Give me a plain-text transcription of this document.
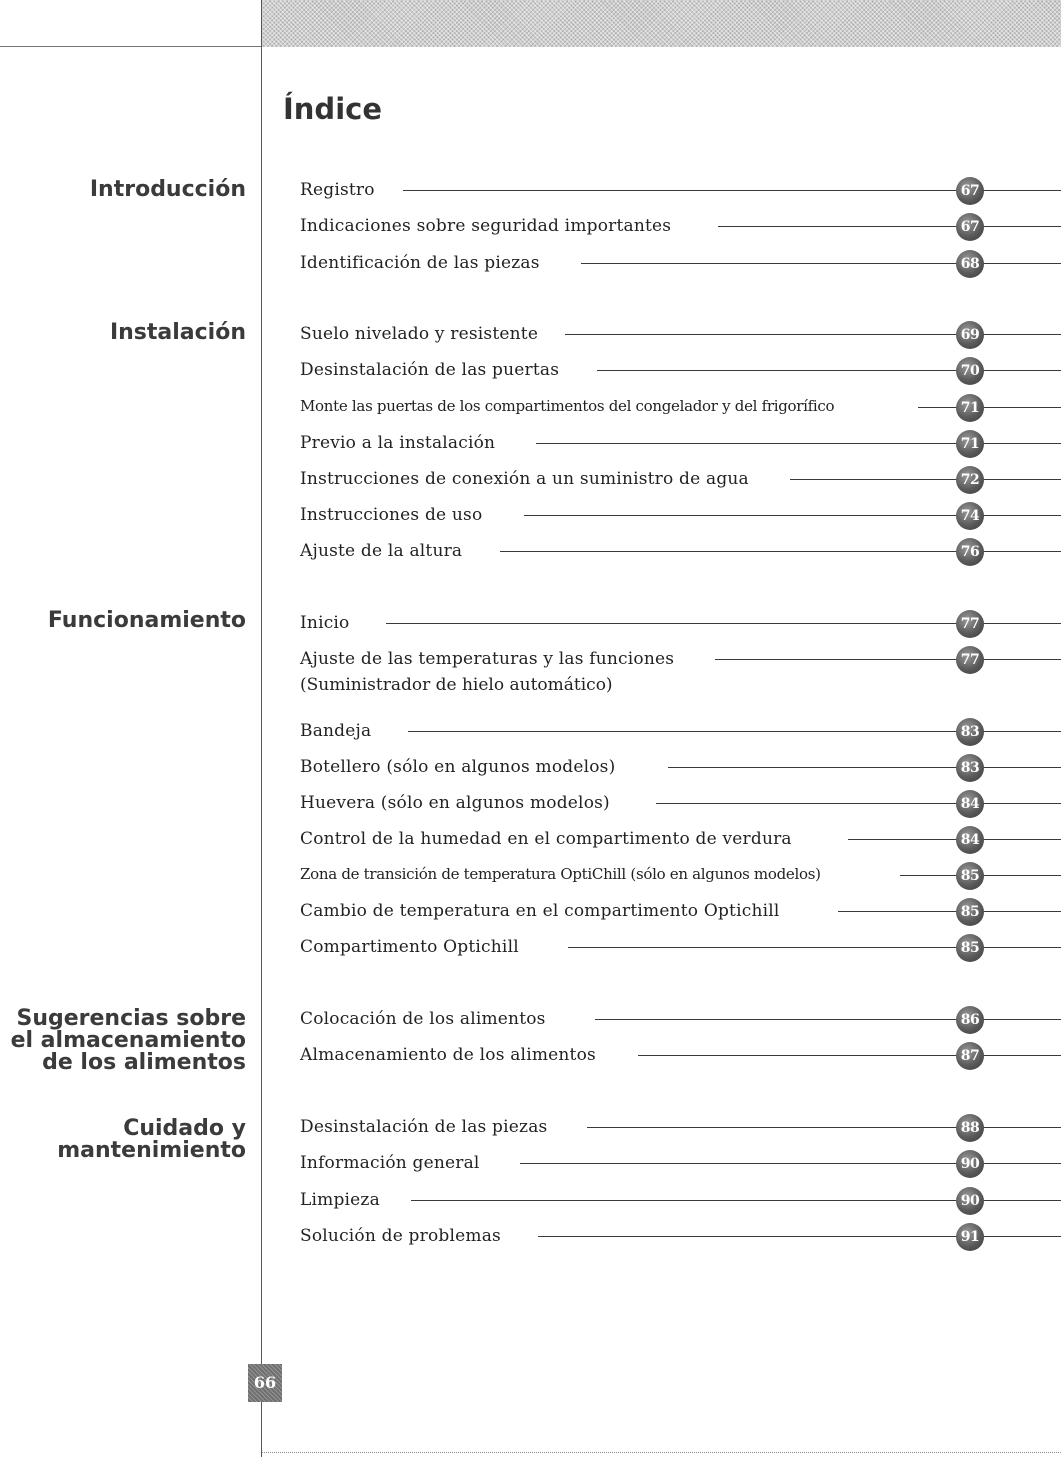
Índice
Introducción
Instalación
Funcionamiento
Sugerencias sobre
el almacenamiento
de los alimentos
Cuidado y
mantenimiento
Registro	67
Indicaciones sobre seguridad importantes	67
Identificación de las piezas	68
Suelo nivelado y resistente	69
Desinstalación de las puertas	70
Monte las puertas de los compartimentos del congelador y del frigorífico	71
Previo a la instalación	71
Instrucciones de conexión a un suministro de agua	72
Instrucciones de uso	74
Ajuste de la altura	76
Inicio	77
Ajuste de las temperaturas y las funciones	77
(Suministrador de hielo automático)
Bandeja	83
Botellero (sólo en algunos modelos)	83
Huevera (sólo en algunos modelos)	84
Control de la humedad en el compartimento de verdura	84
Zona de transición de temperatura OptiChill (sólo en algunos modelos)	85
Cambio de temperatura en el compartimento Optichill	85
Compartimento Optichill	85
Colocación de los alimentos	86
Almacenamiento de los alimentos	87
Desinstalación de las piezas	88
Información general	90
Limpieza	90
Solución de problemas	91
66
